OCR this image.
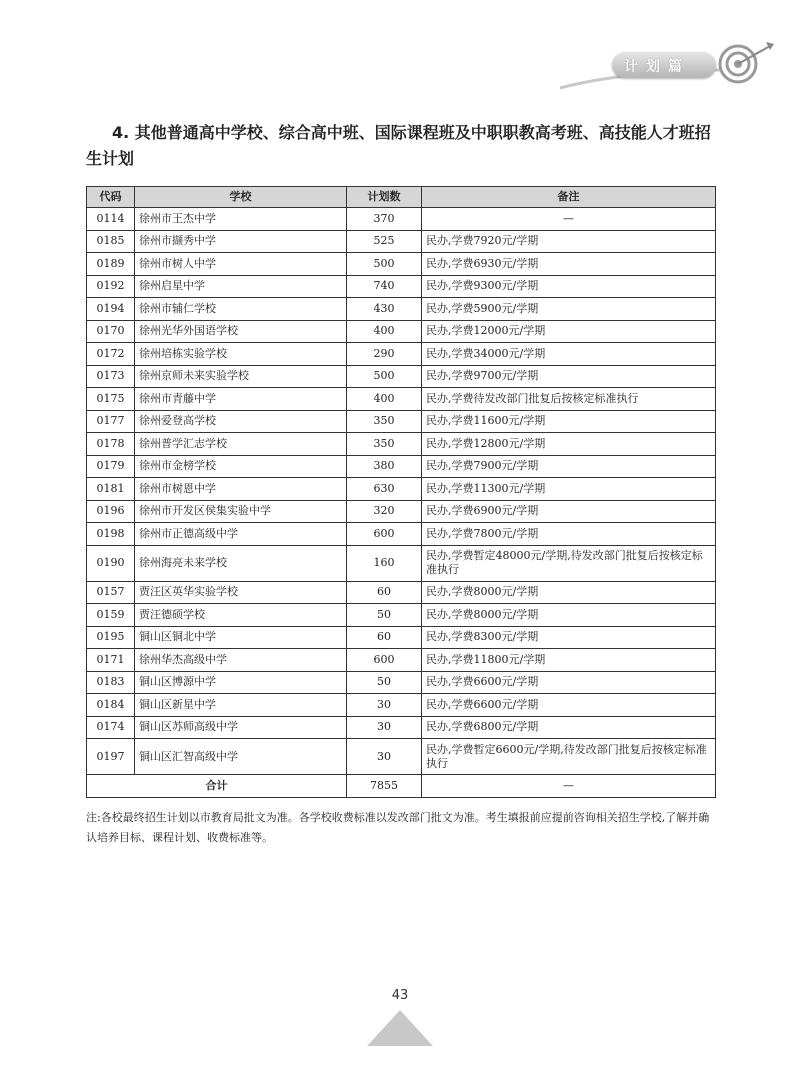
计划篇
4. 其他普通高中学校、综合高中班、国际课程班及中职职教高考班、高技能人才班招生计划
代码	学校	计划数	备注
0114	徐州市王杰中学	370	—
0185	徐州市撷秀中学	525	民办,学费7920元/学期
0189	徐州市树人中学	500	民办,学费6930元/学期
0192	徐州启星中学	740	民办,学费9300元/学期
0194	徐州市辅仁学校	430	民办,学费5900元/学期
0170	徐州光华外国语学校	400	民办,学费12000元/学期
0172	徐州培栋实验学校	290	民办,学费34000元/学期
0173	徐州京师未来实验学校	500	民办,学费9700元/学期
0175	徐州市青藤中学	400	民办,学费待发改部门批复后按核定标准执行
0177	徐州爱登高学校	350	民办,学费11600元/学期
0178	徐州普学汇志学校	350	民办,学费12800元/学期
0179	徐州市金榜学校	380	民办,学费7900元/学期
0181	徐州市树恩中学	630	民办,学费11300元/学期
0196	徐州市开发区侯集实验中学	320	民办,学费6900元/学期
0198	徐州市正德高级中学	600	民办,学费7800元/学期
0190	徐州海亮未来学校	160	民办,学费暂定48000元/学期,待发改部门批复后按核定标准执行
0157	贾汪区英华实验学校	60	民办,学费8000元/学期
0159	贾汪德硕学校	50	民办,学费8000元/学期
0195	铜山区铜北中学	60	民办,学费8300元/学期
0171	徐州华杰高级中学	600	民办,学费11800元/学期
0183	铜山区博源中学	50	民办,学费6600元/学期
0184	铜山区新星中学	30	民办,学费6600元/学期
0174	铜山区苏师高级中学	30	民办,学费6800元/学期
0197	铜山区汇智高级中学	30	民办,学费暂定6600元/学期,待发改部门批复后按核定标准执行
合计		7855	—
注:各校最终招生计划以市教育局批文为准。各学校收费标准以发改部门批文为准。考生填报前应提前咨询相关招生学校,了解并确认培养目标、课程计划、收费标准等。
43
